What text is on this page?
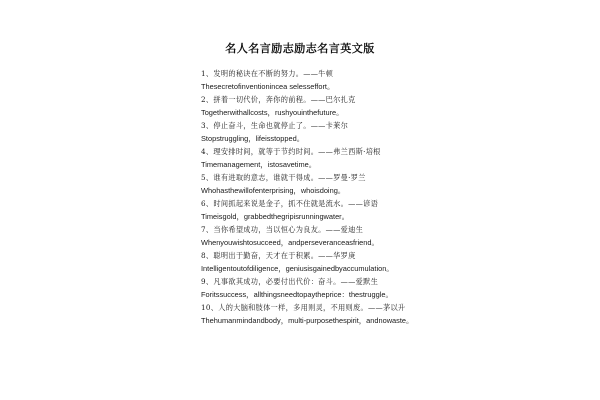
名人名言励志励志名言英文版
1、发明的秘诀在不断的努力。——牛顿
Thesecretofinventionincea selesseffort。
2、拼着一切代价，奔你的前程。——巴尔扎克
Togetherwithallcosts，rushyouinthefuture。
3、停止奋斗，生命也就停止了。——卡莱尔
Stopstruggling，lifeisstopped。
4、理安排时间，就等于节约时间。——弗兰西斯·培根
Timemanagement，istosavetime。
5、谁有进取的意志，谁就干得成。——罗曼·罗兰
Whohasthewillofenterprising，whoisdoing。
6、时间抓起来说是金子，抓不住就是流水。——谚语
Timeisgold，grabbedthegripisrunningwater。
7、当你希望成功，当以恒心为良友。——爱迪生
Whenyouwishtosucceed，andperseveranceasfriend。
8、聪明出于勤奋，天才在于积累。——华罗庚
Intelligentoutofdiligence，geniusisgainedbyaccumulation。
9、凡事欲其成功，必要付出代价：奋斗。——爱默生
Foritssuccess，allthingsneedtopaytheprice：thestruggle。
10、人的大脑和肢体一样，多用则灵，不用则废。——茅以升
Thehumanmindandbody，multi-purposethespirit，andnowaste。
